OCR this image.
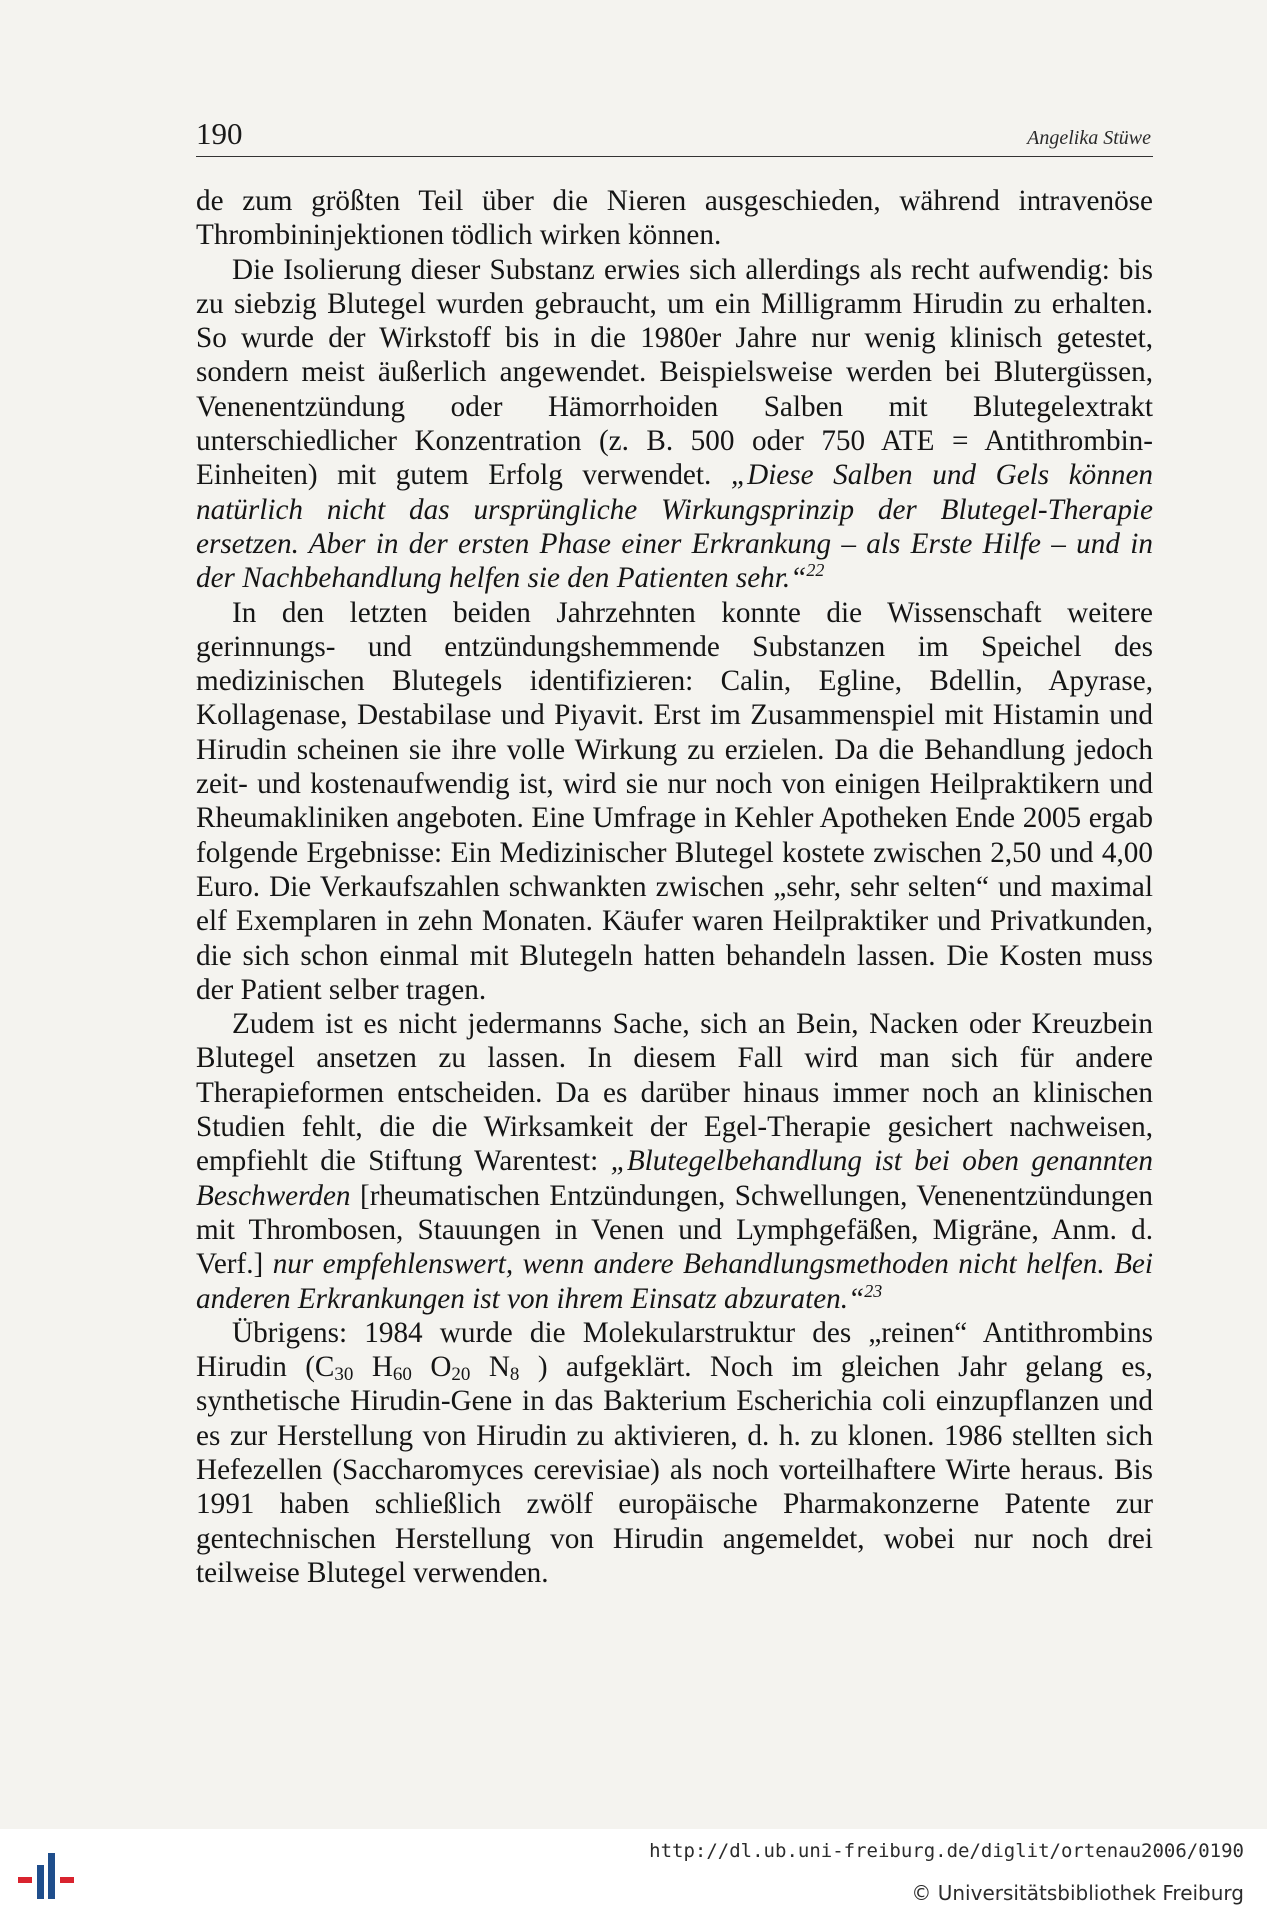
190	Angelika Stüwe

de zum größten Teil über die Nieren ausgeschieden, während intravenöse Thrombininjektionen tödlich wirken können.

Die Isolierung dieser Substanz erwies sich allerdings als recht aufwendig: bis zu siebzig Blutegel wurden gebraucht, um ein Milligramm Hirudin zu erhalten. So wurde der Wirkstoff bis in die 1980er Jahre nur wenig klinisch getestet, sondern meist äußerlich angewendet. Beispielsweise werden bei Blutergüssen, Venenentzündung oder Hämorrhoiden Salben mit Blutegelextrakt unterschiedlicher Konzentration (z. B. 500 oder 750 ATE = Antithrombin-Einheiten) mit gutem Erfolg verwendet. „Diese Salben und Gels können natürlich nicht das ursprüngliche Wirkungsprinzip der Blutegel-Therapie ersetzen. Aber in der ersten Phase einer Erkrankung – als Erste Hilfe – und in der Nachbehandlung helfen sie den Patienten sehr.“$^{22}$

In den letzten beiden Jahrzehnten konnte die Wissenschaft weitere gerinnungs- und entzündungshemmende Substanzen im Speichel des medizinischen Blutegels identifizieren: Calin, Egline, Bdellin, Apyrase, Kollagenase, Destabilase und Piyavit. Erst im Zusammenspiel mit Histamin und Hirudin scheinen sie ihre volle Wirkung zu erzielen. Da die Behandlung jedoch zeit- und kostenaufwendig ist, wird sie nur noch von einigen Heilpraktikern und Rheumakliniken angeboten. Eine Umfrage in Kehler Apotheken Ende 2005 ergab folgende Ergebnisse: Ein Medizinischer Blutegel kostete zwischen 2,50 und 4,00 Euro. Die Verkaufszahlen schwankten zwischen „sehr, sehr selten“ und maximal elf Exemplaren in zehn Monaten. Käufer waren Heilpraktiker und Privatkunden, die sich schon einmal mit Blutegeln hatten behandeln lassen. Die Kosten muss der Patient selber tragen.

Zudem ist es nicht jedermanns Sache, sich an Bein, Nacken oder Kreuzbein Blutegel ansetzen zu lassen. In diesem Fall wird man sich für andere Therapieformen entscheiden. Da es darüber hinaus immer noch an klinischen Studien fehlt, die die Wirksamkeit der Egel-Therapie gesichert nachweisen, empfiehlt die Stiftung Warentest: „Blutegelbehandlung ist bei oben genannten Beschwerden [rheumatischen Entzündungen, Schwellungen, Venenentzündungen mit Thrombosen, Stauungen in Venen und Lymphgefäßen, Migräne, Anm. d. Verf.] nur empfehlenswert, wenn andere Behandlungsmethoden nicht helfen. Bei anderen Erkrankungen ist von ihrem Einsatz abzuraten.“$^{23}$

Übrigens: 1984 wurde die Molekularstruktur des „reinen“ Antithrombins Hirudin ($C_{30}$ $H_{60}$ $O_{20}$ $N_8$ ) aufgeklärt. Noch im gleichen Jahr gelang es, synthetische Hirudin-Gene in das Bakterium Escherichia coli einzupflanzen und es zur Herstellung von Hirudin zu aktivieren, d. h. zu klonen. 1986 stellten sich Hefezellen (Saccharomyces cerevisiae) als noch vorteilhaftere Wirte heraus. Bis 1991 haben schließlich zwölf europäische Pharmakonzerne Patente zur gentechnischen Herstellung von Hirudin angemeldet, wobei nur noch drei teilweise Blutegel verwenden.

http://dl.ub.uni-freiburg.de/diglit/ortenau2006/0190
© Universitätsbibliothek Freiburg
